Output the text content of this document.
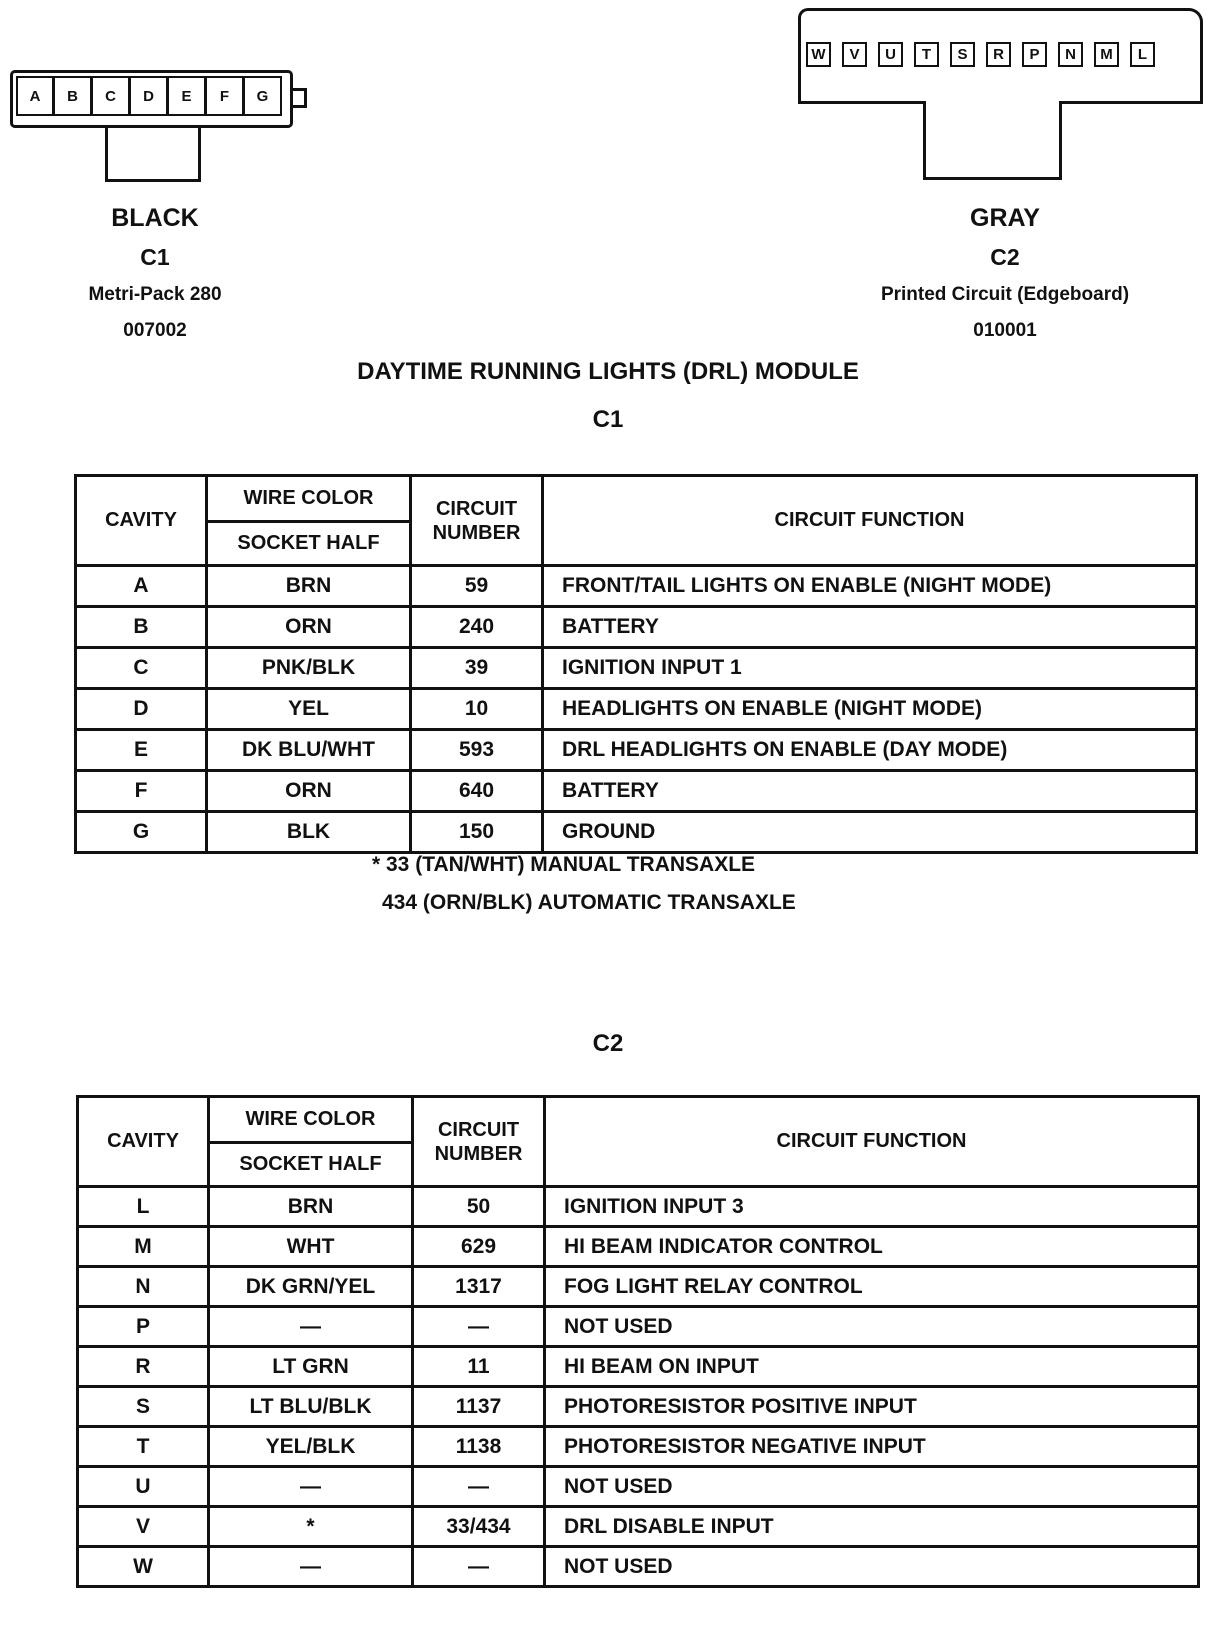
A	B	C	D	E	F	G
W	V	U	T	S	R	P	N	M	L
BLACK
C1
Metri-Pack 280
007002
GRAY
C2
Printed Circuit (Edgeboard)
010001
DAYTIME RUNNING LIGHTS (DRL) MODULE
C1
CAVITY	WIRE COLOR	CIRCUIT NUMBER	CIRCUIT FUNCTION
	SOCKET HALF		
A	BRN	59	FRONT/TAIL LIGHTS ON ENABLE (NIGHT MODE)
B	ORN	240	BATTERY
C	PNK/BLK	39	IGNITION INPUT 1
D	YEL	10	HEADLIGHTS ON ENABLE (NIGHT MODE)
E	DK BLU/WHT	593	DRL HEADLIGHTS ON ENABLE (DAY MODE)
F	ORN	640	BATTERY
G	BLK	150	GROUND
* 33 (TAN/WHT) MANUAL TRANSAXLE
434 (ORN/BLK) AUTOMATIC TRANSAXLE
C2
CAVITY	WIRE COLOR	CIRCUIT NUMBER	CIRCUIT FUNCTION
	SOCKET HALF		
L	BRN	50	IGNITION INPUT 3
M	WHT	629	HI BEAM INDICATOR CONTROL
N	DK GRN/YEL	1317	FOG LIGHT RELAY CONTROL
P	—	—	NOT USED
R	LT GRN	11	HI BEAM ON INPUT
S	LT BLU/BLK	1137	PHOTORESISTOR POSITIVE INPUT
T	YEL/BLK	1138	PHOTORESISTOR NEGATIVE INPUT
U	—	—	NOT USED
V	*	33/434	DRL DISABLE INPUT
W	—	—	NOT USED
